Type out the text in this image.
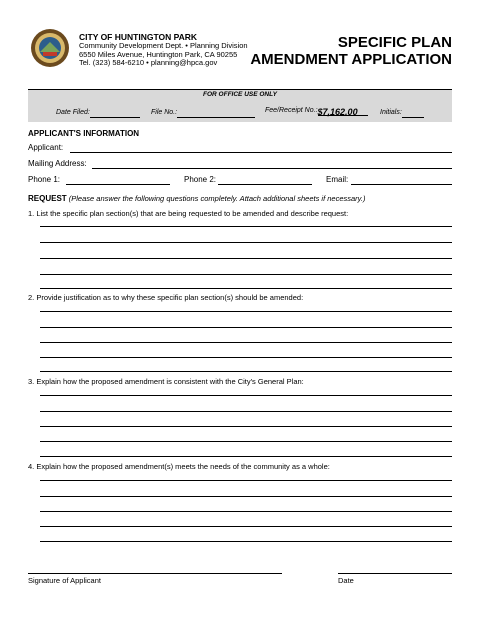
CITY OF HUNTINGTON PARK
Community Development Dept. • Planning Division
6550 Miles Avenue, Huntington Park, CA 90255
Tel. (323) 584-6210 • planning@hpca.gov
SPECIFIC PLAN
AMENDMENT APPLICATION
FOR OFFICE USE ONLY
Date Filed:	File No.:	Fee/Receipt No.: $7,162.00	Initials:
APPLICANT'S INFORMATION
Applicant:
Mailing Address:
Phone 1:	Phone 2:	Email:
REQUEST (Please answer the following questions completely. Attach additional sheets if necessary.)
1. List the specific plan section(s) that are being requested to be amended and describe request:
2. Provide justification as to why these specific plan section(s) should be amended:
3. Explain how the proposed amendment is consistent with the City's General Plan:
4. Explain how the proposed amendment(s) meets the needs of the community as a whole:
Signature of Applicant	Date
